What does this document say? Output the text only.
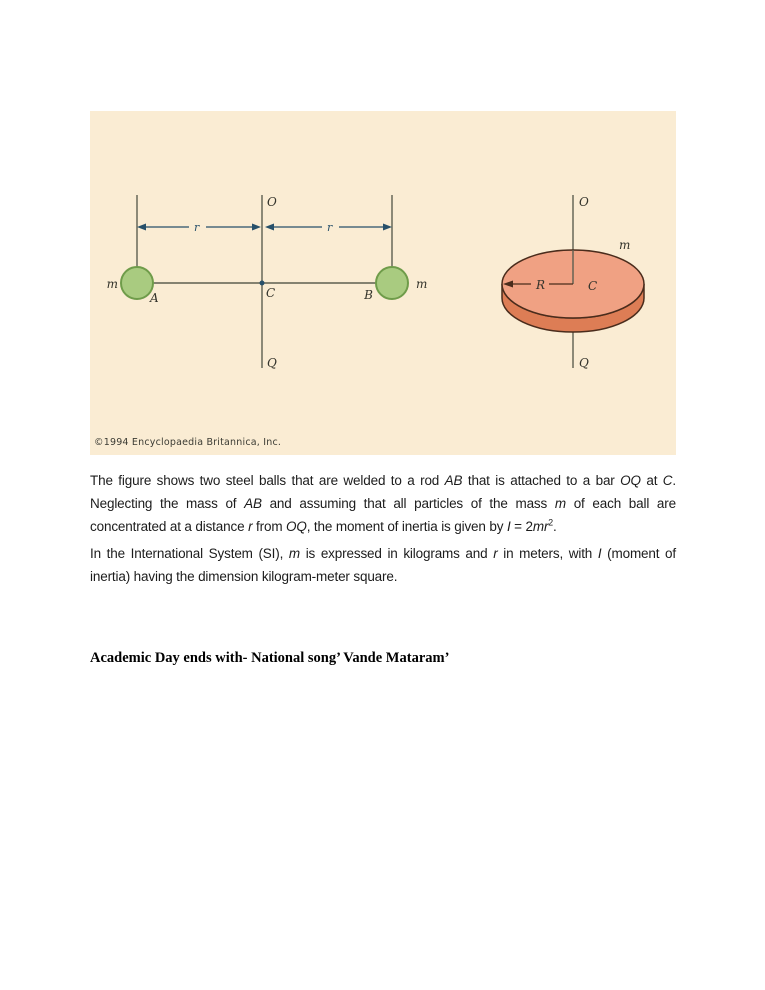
O
Q
r	r
C
m	m
A	B
O
Q
R	C
m
©1994 Encyclopaedia Britannica, Inc.
The figure shows two steel balls that are welded to a rod AB that is attached to a bar OQ at C.
Neglecting the mass of AB and assuming that all particles of the mass m of each ball are
concentrated at a distance r from OQ, the moment of inertia is given by $I = 2mr^2$.
In the International System (SI), m is expressed in kilograms and r in meters, with I (moment of
inertia) having the dimension kilogram-meter square.
Academic Day ends with- National song’ Vande Mataram’
